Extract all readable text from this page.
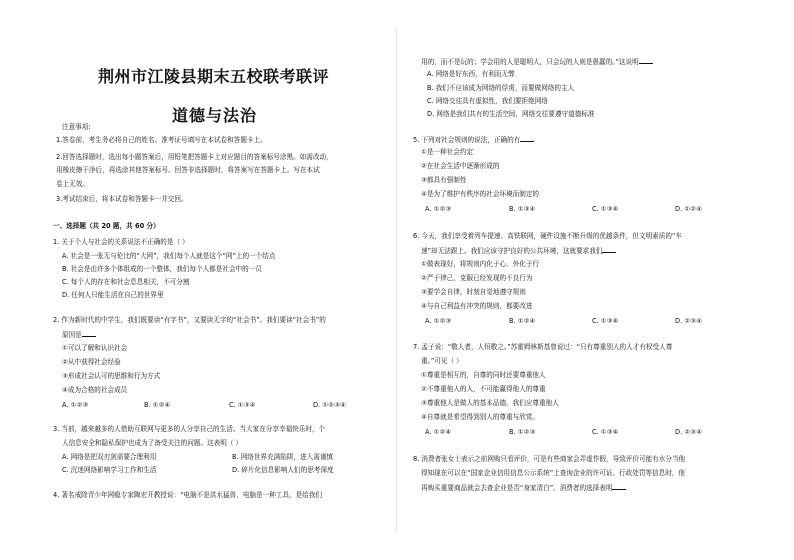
荆州市江陵县期末五校联考联评
道德与法治
注意事项:
1.答卷前，考生务必将自己的姓名、准考证号填写在本试卷和答题卡上。
2.回答选择题时，选出每小题答案后，用铅笔把答题卡上对应题目的答案标号涂黑。如需改动，
用橡皮擦干净后，再选涂其他答案标号。回答非选择题时，将答案写在答题卡上。写在本试
卷上无效。
3.考试结束后，将本试卷和答题卡一并交回。
一、选择题（共 20 题，共 60 分）
1. 关于个人与社会的关系说法不正确的是（ ）
A. 社会是一张无与伦比的“大网”，我们每个人就是这个“网”上的一个结点
B. 社会是由许多个体组成的一个整体，我们每个人都是社会中的一员
C. 每个人的存在和社会息息相关，不可分割
D. 任何人只能生活在自己的世界里
2. 作为新时代的中学生，我们既要读“有字书”，又要读无字的“社会书”。我们要读“社会书”的
原因是
①可以了解和认识社会
②从中获得社会经验
③形成社会认可的思维和行为方式
④成为合格的社会成员
A. ①②③	B. ①②④	C. ①③④	D. ①②③④
3. 当前，越来越多的人借助互联网与更多的人分享自己的生活。当大家在分享幸福快乐时，个
人信息安全和隐私保护也成为了备受关注的问题。这表明（ ）
A. 网络是把双刃剑需要合理利用	B. 网络世界充满陷阱，进入需谨慎
C. 沉迷网络影响学习工作和生活	D. 碎片化信息影响人们的思考深度
4. 著名戒除青少年网瘾专家陶宏开教授说：“电脑不是洪水猛兽，电脑是一种工具，是给我们
用的，而不是玩的；学会用的人是聪明人，只会玩的人则是愚蠢的。”这说明
A. 网络是好东西，有利而无弊
B. 我们不应该成为网络的俘虏，而要做网络的主人
C. 网络交往具有虚拟性，我们要拒绝网络
D. 网络是我们共有的生活空间，网络交往要遵守道德标准
5. 下列对社会规则的说法，正确的有
①是一种社会约定
②在社会生活中逐渐形成的
③都具有强制性
④是为了维护有秩序的社会环境而制定的
A. ①②③	B. ①③④	C. ①③④	D. ①②④
6. 今天，我们享受着列车提速、高铁联网，硬件设施不断升级的优越条件，但文明素质的“车
速”却无法跟上。我们应该守护良好的公共环境，这就要求我们
①做表现好，将规则内化于心、外化于行
②严于律己，克服已经发现的不良行为
③要学会自律，时刻自觉地遵守规则
④与自己利益有冲突的规则，都要改进
A. ①②③	B. ①②④	C. ①③④	D. ②③④
7. 孟子说：“敬人者，人恒敬之。”苏霍姆林斯基曾说过：“只有尊重别人的人才有权受人尊
重。”可见（ ）
①尊重是相互的，自尊的同时还要尊重他人
②不尊重他人的人，不可能赢得他人的尊重
③尊重他人是做人的基本品德，我们应尊重他人
④自尊就是希望得到别人的尊重与欣赏。
A. ①②④	B. ①②③	C. ①③④	D. ②③④
8. 消费者张女士表示之前网购只看评价，可是有些商家会弄虚作假，导致评价可能有水分当他
得知现在可以在“国家企业信用信息公示系统”上查询企业的许可证、行政处罚等信息时，他
再购买重要商品就会去查企业是否“身家清白”。消费者的选择表明
